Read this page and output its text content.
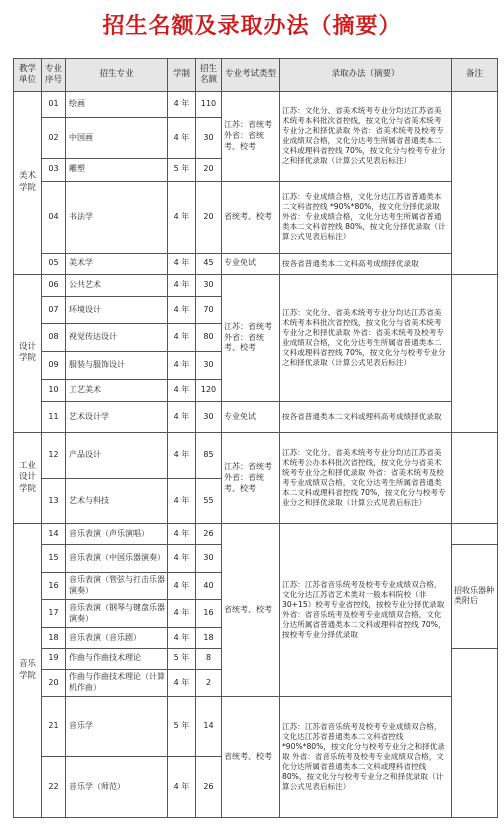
招生名额及录取办法（摘要）
教学单位	专业序号	招生专业	学制	招生名额	专业考试类型	录取办法（摘要）	备注
美术学院	01	绘画	4 年	110	江苏：省统考 外省：省统考、校考	江苏：文化分、省美术统考专业分均达江苏省美术统考本科批次省控线，按文化分与省美术统考专业分之和择优录取 外省：省美术统考及校考专业成绩双合格，文化分达考生所属省普通类本二文科或理科省控线 70%，按文化分与校考专业分之和择优录取（计算公式见表后标注）	
	02	中国画	4 年	30			
	03	雕塑	5 年	20			
	04	书法学	4 年	20	省统考、校考	江苏：专业成绩合格，文化分达江苏省普通类本二文科省控线 *90%*80%，按文化分择优录取 外省：专业成绩合格，文化分达考生所属省普通类本二文科省控线 80%，按文化分择优录取（计算公式见表后标注）	
	05	美术学	4 年	45	专业免试	按各省普通类本二文科高考成绩择优录取	
设计学院	06	公共艺术	4 年	30	江苏：省统考 外省：省统考、校考	江苏：文化分、省美术统考专业分均达江苏省美术统考本科批次省控线，按文化分与省美术统考专业分之和择优录取 外省：省美术统考及校考专业成绩双合格，文化分达考生所属省普通类本二文科或理科省控线 70%，按文化分与校考专业分之和择优录取（计算公式见表后标注）	
	07	环境设计	4 年	70			
	08	视觉传达设计	4 年	80			
	09	服装与服饰设计	4 年	30			
	10	工艺美术	4 年	120			
	11	艺术设计学	4 年	30	专业免试	按各省普通类本二文科或理科高考成绩择优录取	
工业设计学院	12	产品设计	4 年	85	江苏：省统考 外省：省统考、校考	江苏：文化分、省美术统考专业分均达江苏省美术统考公办本科批次省控线，按文化分与省美术统考专业分之和择优录取 外省：省美术统考及校考专业成绩双合格，文化分达考生所属省普通类本二文科或理科省控线 70%，按文化分与校考专业分之和择优录取（计算公式见表后标注）	
	13	艺术与科技	4 年	55			
音乐学院	14	音乐表演（声乐演唱）	4 年	26	省统考、校考	江苏：江苏省音乐统考及校考专业成绩双合格，文化分达江苏省艺术类对一般本科院校（非 30+15）校考专业省控线，按校专业分择优录取 外省：省音乐统考及校考专业成绩双合格，文化分达所属省普通类本二文科或理科省控线 70%，按校考专业分择优录取	
	15	音乐表演（中国乐器演奏）	4 年	30			招收乐器种类附后
	16	音乐表演（管弦与打击乐器演奏）	4 年	40			
	17	音乐表演（钢琴与键盘乐器演奏）	4 年	16			
	18	音乐表演（音乐剧）	4 年	18			
	19	作曲与作曲技术理论	5 年	8			
	20	作曲与作曲技术理论（计算机作曲）	4 年	2			
	21	音乐学	5 年	14	省统考、校考	江苏：江苏省音乐统考及校考专业成绩双合格，文化达江苏省普通类本二文科省控线 *90%*80%，按文化分与校考专业分之和择优录取 外省：省音乐统考及校考专业成绩双合格，文化分达所属省普通类本二文科或理科省控线 80%，按文化分与校考专业分之和择优录取（计算公式见表后标注）	
	22	音乐学（师范）	4 年	26			
